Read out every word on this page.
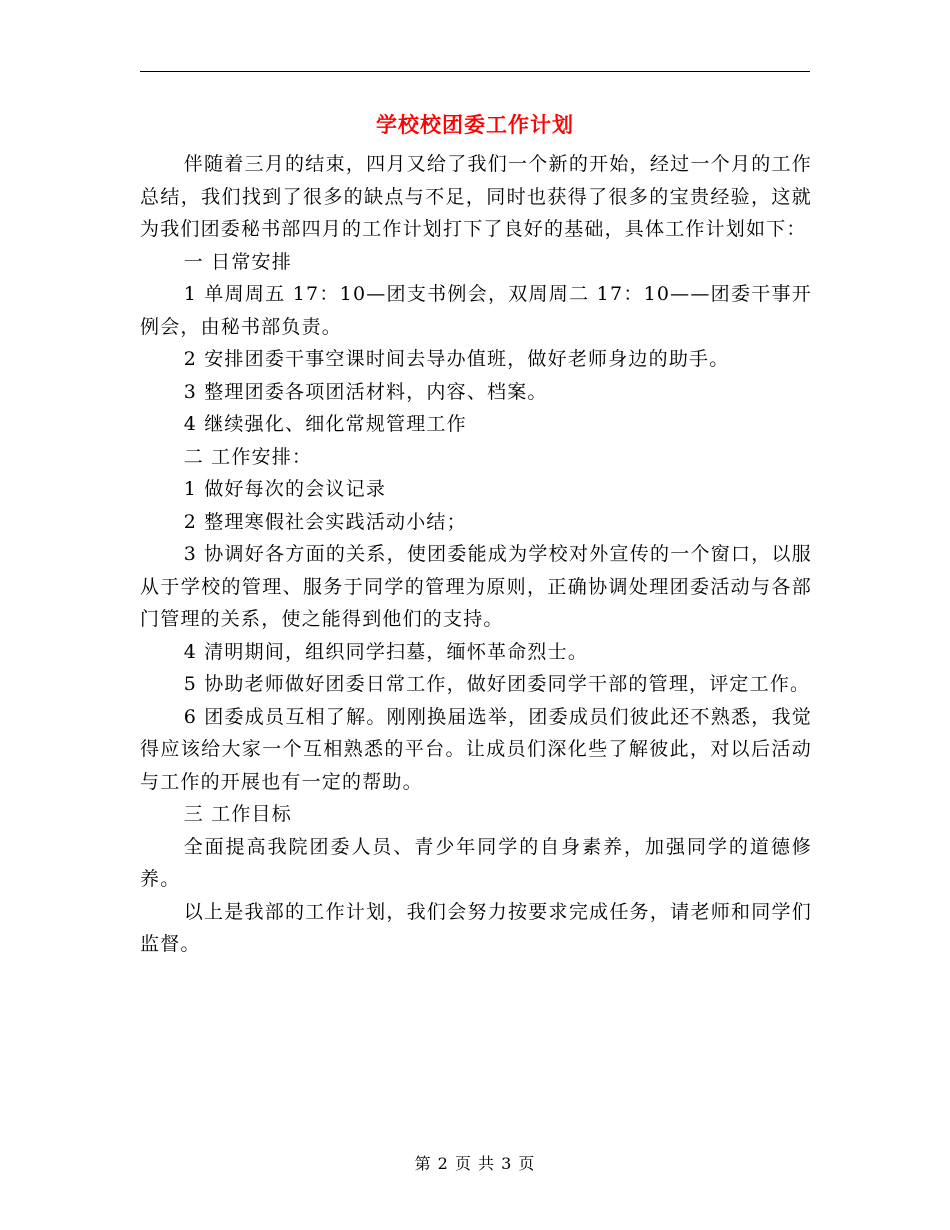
学校校团委工作计划

伴随着三月的结束，四月又给了我们一个新的开始，经过一个月的工作总结，我们找到了很多的缺点与不足，同时也获得了很多的宝贵经验，这就为我们团委秘书部四月的工作计划打下了良好的基础，具体工作计划如下：

一 日常安排

1 单周周五 17：10—团支书例会，双周周二 17：10——团委干事开例会，由秘书部负责。

2 安排团委干事空课时间去导办值班，做好老师身边的助手。

3 整理团委各项团活材料，内容、档案。

4 继续强化、细化常规管理工作

二 工作安排：

1 做好每次的会议记录

2 整理寒假社会实践活动小结；

3 协调好各方面的关系，使团委能成为学校对外宣传的一个窗口，以服从于学校的管理、服务于同学的管理为原则，正确协调处理团委活动与各部门管理的关系，使之能得到他们的支持。

4 清明期间，组织同学扫墓，缅怀革命烈士。

5 协助老师做好团委日常工作，做好团委同学干部的管理，评定工作。

6 团委成员互相了解。刚刚换届选举，团委成员们彼此还不熟悉，我觉得应该给大家一个互相熟悉的平台。让成员们深化些了解彼此，对以后活动与工作的开展也有一定的帮助。

三 工作目标

全面提高我院团委人员、青少年同学的自身素养，加强同学的道德修养。

以上是我部的工作计划，我们会努力按要求完成任务，请老师和同学们监督。

第 2 页 共 3 页
